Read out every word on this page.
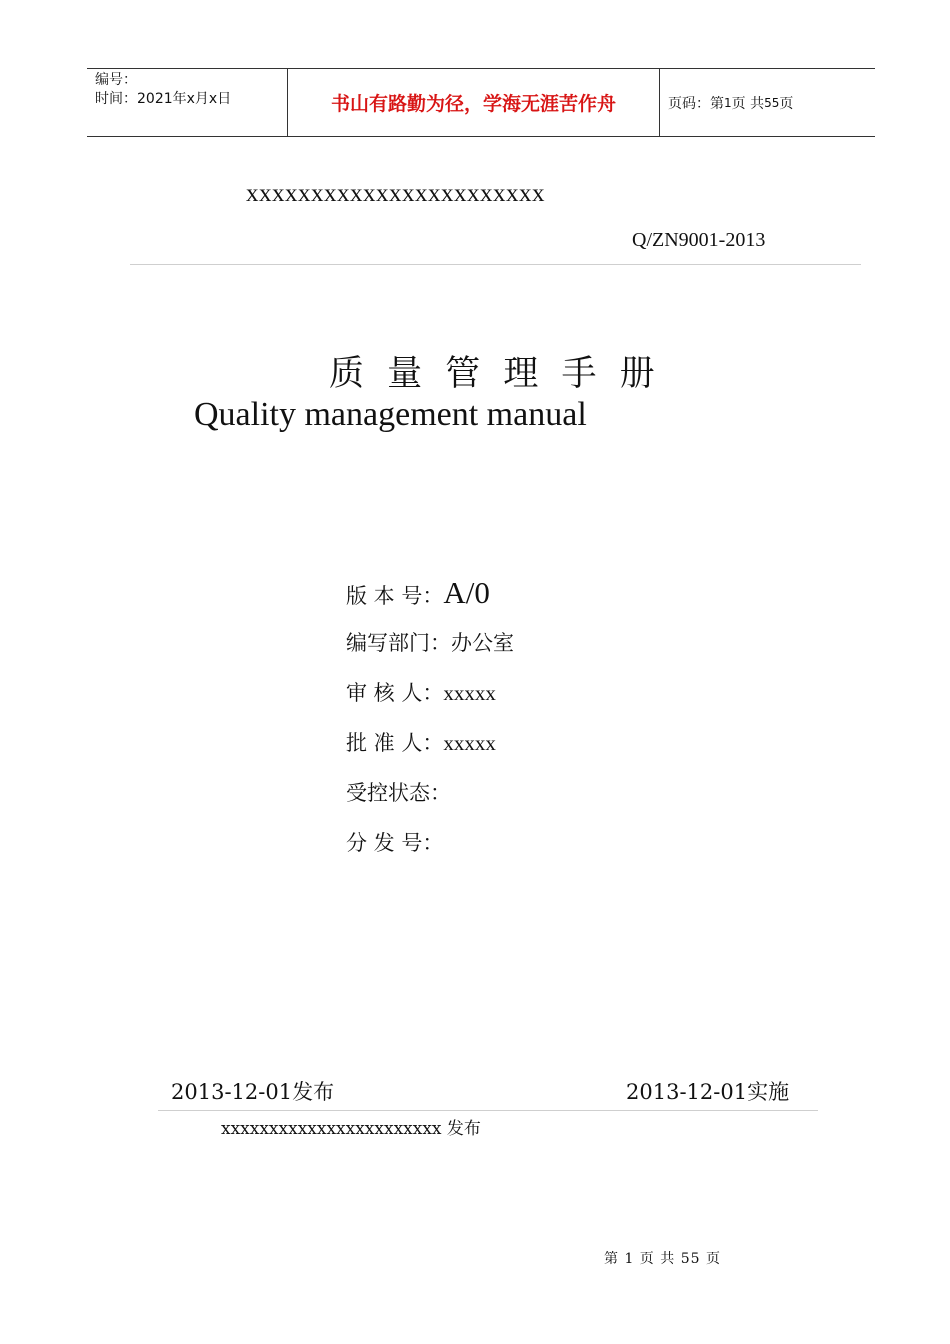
编号：
时间：2021年x月x日	书山有路勤为径，学海无涯苦作舟	页码： 第 1 页 共 55 页
xxxxxxxxxxxxxxxxxxxxxxx
Q/ZN9001-2013
质 量 管 理 手 册
Quality management manual
版 本 号：A/0
编写部门：办公室
审 核 人：xxxxx
批 准 人：xxxxx
受控状态：
分 发 号：
2013-12-01发布	2013-12-01实施
xxxxxxxxxxxxxxxxxxxxxxx 发布
第 1 页 共 55 页
